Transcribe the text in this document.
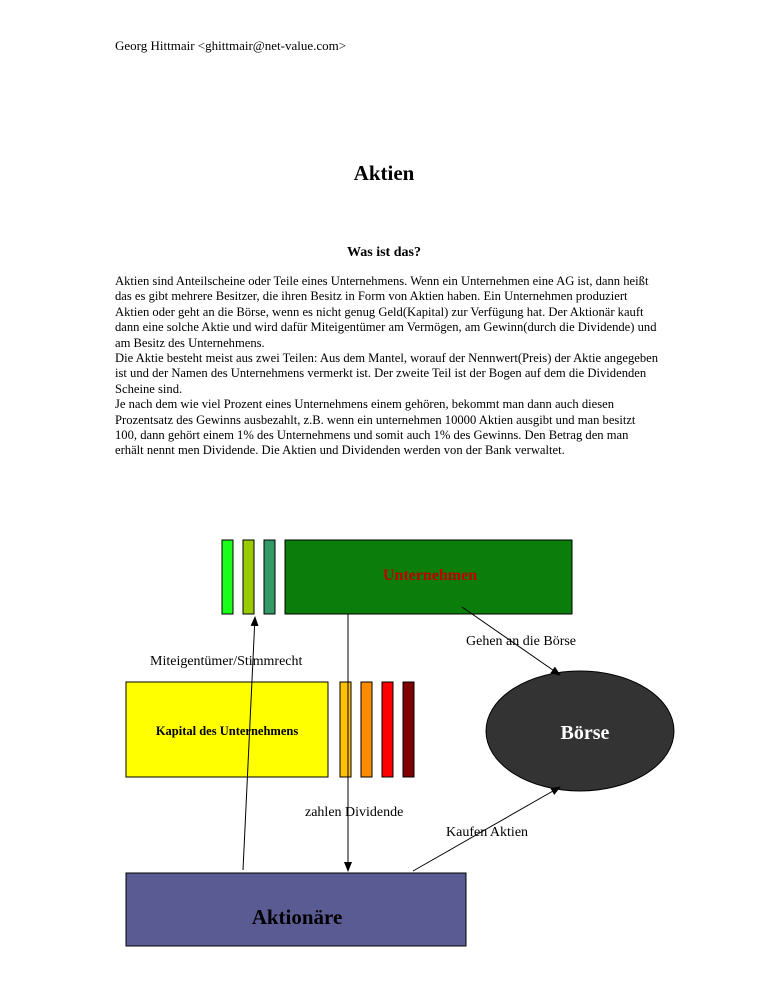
Georg Hittmair <ghittmair@net-value.com>
Aktien
Was ist das?

Aktien sind Anteilscheine oder Teile eines Unternehmens. Wenn ein Unternehmen eine AG ist, dann heißt das es gibt mehrere Besitzer, die ihren Besitz in Form von Aktien haben. Ein Unternehmen produziert Aktien oder geht an die Börse, wenn es nicht genug Geld(Kapital) zur Verfügung hat. Der Aktionär kauft dann eine solche Aktie und wird dafür Miteigentümer am Vermögen, am Gewinn(durch die Dividende) und am Besitz des Unternehmens.

Die Aktie besteht meist aus zwei Teilen: Aus dem Mantel, worauf der Nennwert(Preis) der Aktie angegeben ist und der Namen des Unternehmens vermerkt ist. Der zweite Teil ist der Bogen auf dem die Dividenden Scheine sind.

Je nach dem wie viel Prozent eines Unternehmens einem gehören, bekommt man dann auch diesen Prozentsatz des Gewinns ausbezahlt, z.B. wenn ein unternehmen 10000 Aktien ausgibt und man besitzt 100, dann gehört einem 1% des Unternehmens und somit auch 1% des Gewinns. Den Betrag den man erhält nennt men Dividende. Die Aktien und Dividenden werden von der Bank verwaltet.

Unternehmen
Kapital des Unternehmens	Börse
Aktionäre
Gehen an die Börse
Miteigentümer/Stimmrecht
zahlen Dividende
Kaufen Aktien
